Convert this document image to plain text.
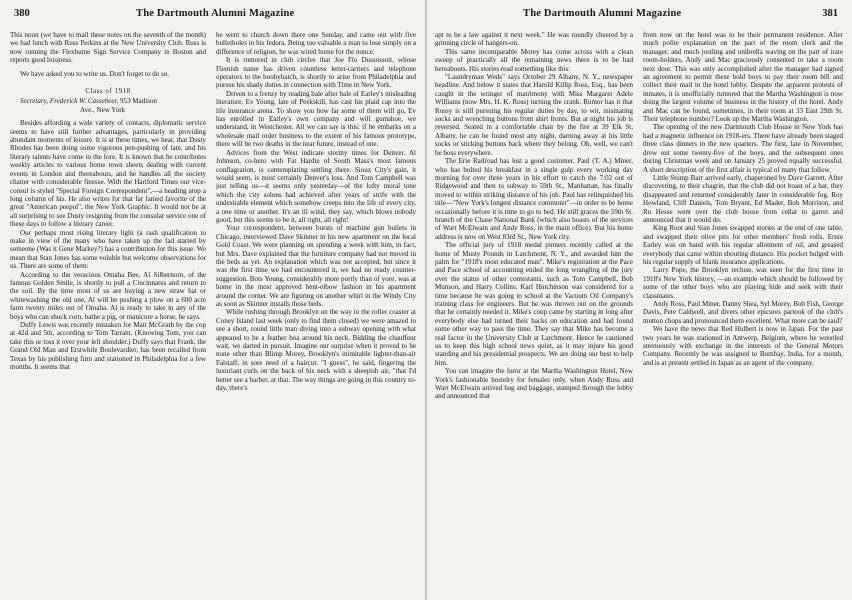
380	The Dartmouth Alumni Magazine

This noon (we have to mail these notes on the seventh of the month) we had lunch with Russ Perkins at the New University Club. Russ is now running the Flexhume Sign Service Company in Boston and reports good business.

We have asked you to write us. Don't forget to do so.

Class of 1918

Secretary, Frederick W. Cassebeer, 953 Madison
Ave., New York

Besides affording a wide variety of contacts, diplomatic service seems to have still further advantages, particularly in providing abundant moments of leisure. It is at these times, we hear, that Dusty Rhodes has been doing some vigorous pen-pushing of late, and his literary talents have come to the fore. It is known that he contributes weekly articles to various home town sheets dealing with current events in London and thereabouts, and he handles all the society chatter with considerable finesse. With the Hartford Times our vice-consul is styled "Special Foreign Correspondent",—a heading atop a long column of his. He also writes for that far famed favorite of the great "American peepul", the New York Graphic. It would not be at all surprising to see Dusty resigning from the consular service one of these days to follow a literary career.

Our perhaps most rising literary light (a rash qualification to make in view of the many who have taken up the fad started by someone (Was it Gene Markey?) has a contribution for this issue. We mean that Stan Jones has some voluble but welcome observations for us. There are some of them:

According to the veracious Omaha Bee, Al Silbernorn, of the famous Golden Smile, is shortly to pull a Cincinnatus and return to the soil. By the time most of us are buying a new straw hat or whitewashing the old one, Al will be pushing a plow on a 600 acre farm twenty miles out of Omaha. Al is ready to take in any of the boys who can shuck corn, bathe a pig, or manicure a horse, he says.

Duffy Lewis was recently mistaken for Matt McGrath by the cop at 42d and 5th, according to Tom Tarrant. (Knowing Tom, you can take this or toss it over your left shoulder.) Duffy says that Frank, the Grand Old Man and Erstwhile Boulevardier, has been recalled from Texas by his publishing firm and stationed in Philadelphia for a few months. It seems that

he went to church down there one Sunday, and came out with five bulletholes in his fedora. Being too valuable a man to lose simply on a difference of religion, he was wired home for the nonce.

It is rumored in club circles that Joe Flo Dussossoit, whose Flemish name has driven countless letter-carriers and telephone operators to the boobyhatch, is shortly to arise from Philadelphia and pursue his shady duties in connection with Time in New York.

Driven to a frenzy by reading bale after bale of Earley's misleading literature, Ev Young, late of Peekskill, has cast his plaid cap into the life insurance arena. To show you how far some of them will go, Ev has enrolled in Earley's own company and will gumshoe, we understand, in Westchester. All we can say is this: if he embarks on a wholesale mail order business to the extent of his famous prototype, there will be two deaths in the near future, instead of one.

Advices from the West indicate stormy times for Denver. Al Johnson, co-hero with Fat Hardie of South Mass's most famous conflagration, is contemplating settling there. Sioux City's gain, it would seem, is most certainly Denver's loss. And Tom Campbell was just telling us—it seems only yesterday—of the lofty moral tone which the city solons had achieved after years of strife with the undesirable element which somehow creeps into the life of every city, a one time or another. It's an ill wind, they say, which blows nobody good, but this seems to be it, all right, all right!

Your correspondent, between bursts of machine gun bullets in Chicago, interviewed Dave Skinner in his new apartment on the local Gold Coast. We were planning on spending a week with him, in fact, but Mrs. Dave explained that the furniture company had not moved in the beds as yet. An explanation which was not accepted, but since it was the first time we had encountered it, we had no ready counter-suggestion. Bots Young, considerably more portly than of yore, was at home in the most approved bent-elbow fashion in his apartment around the corner. We are figuring on another whirl in the Windy City as soon as Skinner installs those beds.

While rushing through Brooklyn on the way to the roller coaster at Coney Island last week (only to find them closed) we were amazed to see a short, round little man diving into a subway opening with what appeared to be a feather boa around his neck. Bidding the chauffeur wait, we darted in pursuit. Imagine our surprise when it proved to be none other than Blimp Morey, Brooklyn's inimitable lighter-than-air Falstaff, in sore need of a haircut. "I guess", he said, fingering the luxuriant curls on the back of his neck with a sheepish air, "that I'd better see a barber, at that. The way things are going in this country to-day, there's

The Dartmouth Alumni Magazine	381

apt to be a law against it next week." He was roundly cheered by a grinning circle of hangers-on.

This same incomparable Morey has come across with a clean sweep of practically all the remaining news there is to be had hereabouts. His stories read something like this:

"Laundryman Weds" says October 29 Albany, N. Y., newspaper headline. And below it states that Harold Killip Ross, Esq., has been caught in the wringer of matrimony with Miss Margaret Adele Williams (now Mrs. H. K. Ross) turning the crank. Rumor has it that Rossy is still pursuing his regular duties by day, to wit, mismating socks and wrenching buttons from shirt fronts. But at night his job is reversed. Seated in a comfortable chair by the fire at 39 Elk St, Albany, he can be found most any night, darning away at his little socks or sticking buttons back where they belong. Oh, well, we can't be boss everywhere.

The Erie Railroad has lost a good customer. Paul (T. A.) Miner, who has bolted his breakfast in a single gulp every working day morning for over three years in his effort to catch the 7:02 out of Ridgewood and then to subway to 59th St., Manhattan, has finally moved to within striking distance of his job. Paul has relinquished his title—"New York's longest distance commuter"—in order to be home occasionally before it is time to go to bed. He still graces the 59th St. branch of the Chase National Bank (which also boasts of the services of Wart McElwain and Andy Ross, in the main office). But his home address is now on West 83rd St., New York city.

The official jury of 1918 medal pinners recently called at the home of Musty Pounds in Larchmont, N. Y., and awarded him the palm for "1918's most educated man". Mike's registration at the Pace and Pace school of accounting ended the long wrangling of the jury over the status of other contestants, such as Tom Campbell, Bob Munson, and Harry Collins. Karl Hutchinson was considered for a time because he was going to school at the Vacuum Oil Company's training class for engineers. But he was thrown out on the grounds that he certainly needed it. Mike's coup came by starting in long after everybody else had turned their backs on education and had found some other way to pass the time. They say that Mike has become a real factor in the University Club at Larchmont. Hence he cautioned us to keep this high school news quiet, as it may injure his good standing and his presidential prospects. We are doing our best to help him.

You can imagine the furor at the Martha Washington Hotel, New York's fashionable hostelry for females only, when Andy Ross and Wart McElwain arrived bag and baggage, stamped through the lobby and announced that

from now on the hotel was to be their permanent residence. After much polite explanation on the part of the room clerk and the manager, and much jostling and umbrella waving on the part of irate room-holders, Andy and Mac graciously consented to take a room next door. This was only accomplished after the manager had signed an agreement to permit these bold boys to pay their room bill and collect their mail in the hotel lobby. Despite the apparent protests of inmates, it is unofficially rumored that the Martha Washington is now doing the largest volume of business in the history of the hotel. Andy and Mac can be found, sometimes, in their room at 33 East 29th St. Their telephone number? Look up the Martha Washington.

The opening of the new Dartmouth Club House in New York has had a magnetic influence on 1918-ers. There have already been staged three class dinners in the new quarters. The first, late in November, drew out some twenty-five of the boys, and the subsequent ones during Christmas week and on January 25 proved equally successful. A short description of the first affair is typical of many that follow.

Little Stump Barr arrived early, chaperoned by Dave Garrett. After discovering, to their chagrin, that the club did not boast of a bar, they disappeared and returned considerably later in considerable fog. Roy Howland, Cliff Daniels, Tom Bryant, Ed Mader, Bob Morrison, and Ru Hesse went over the club house from cellar to garret and announced that it would do.

King Root and Stan Jones swapped stories at the end of one table, and swapped their olive pits for other members' fresh rolls. Ernie Earley was on hand with his regular allotment of oil, and greased everybody that came within shouting distance. His pocket bulged with his regular supply of blank insurance applications.

Larry Pope, the Brooklyn recluse, was seen for the first time in 1918's New York history, —an example which should be followed by some of the other boys who are playing hide and seek with their classmates.

Andy Ross, Paul Miner, Danny Shea, Syl Morey, Bob Fish, George Davis, Pete Caldwell, and divers other epicures partook of the club's mutton chops and pronounced them excellent. What more can be said?

We have the news that Red Hulbert is now in Japan. For the past two years he was stationed in Antwerp, Belgium, where he wrestled strenuously with exchange in the interests of the General Motors Company. Recently he was assigned to Bombay, India, for a month, and is at present settled in Japan as an agent of the company.
